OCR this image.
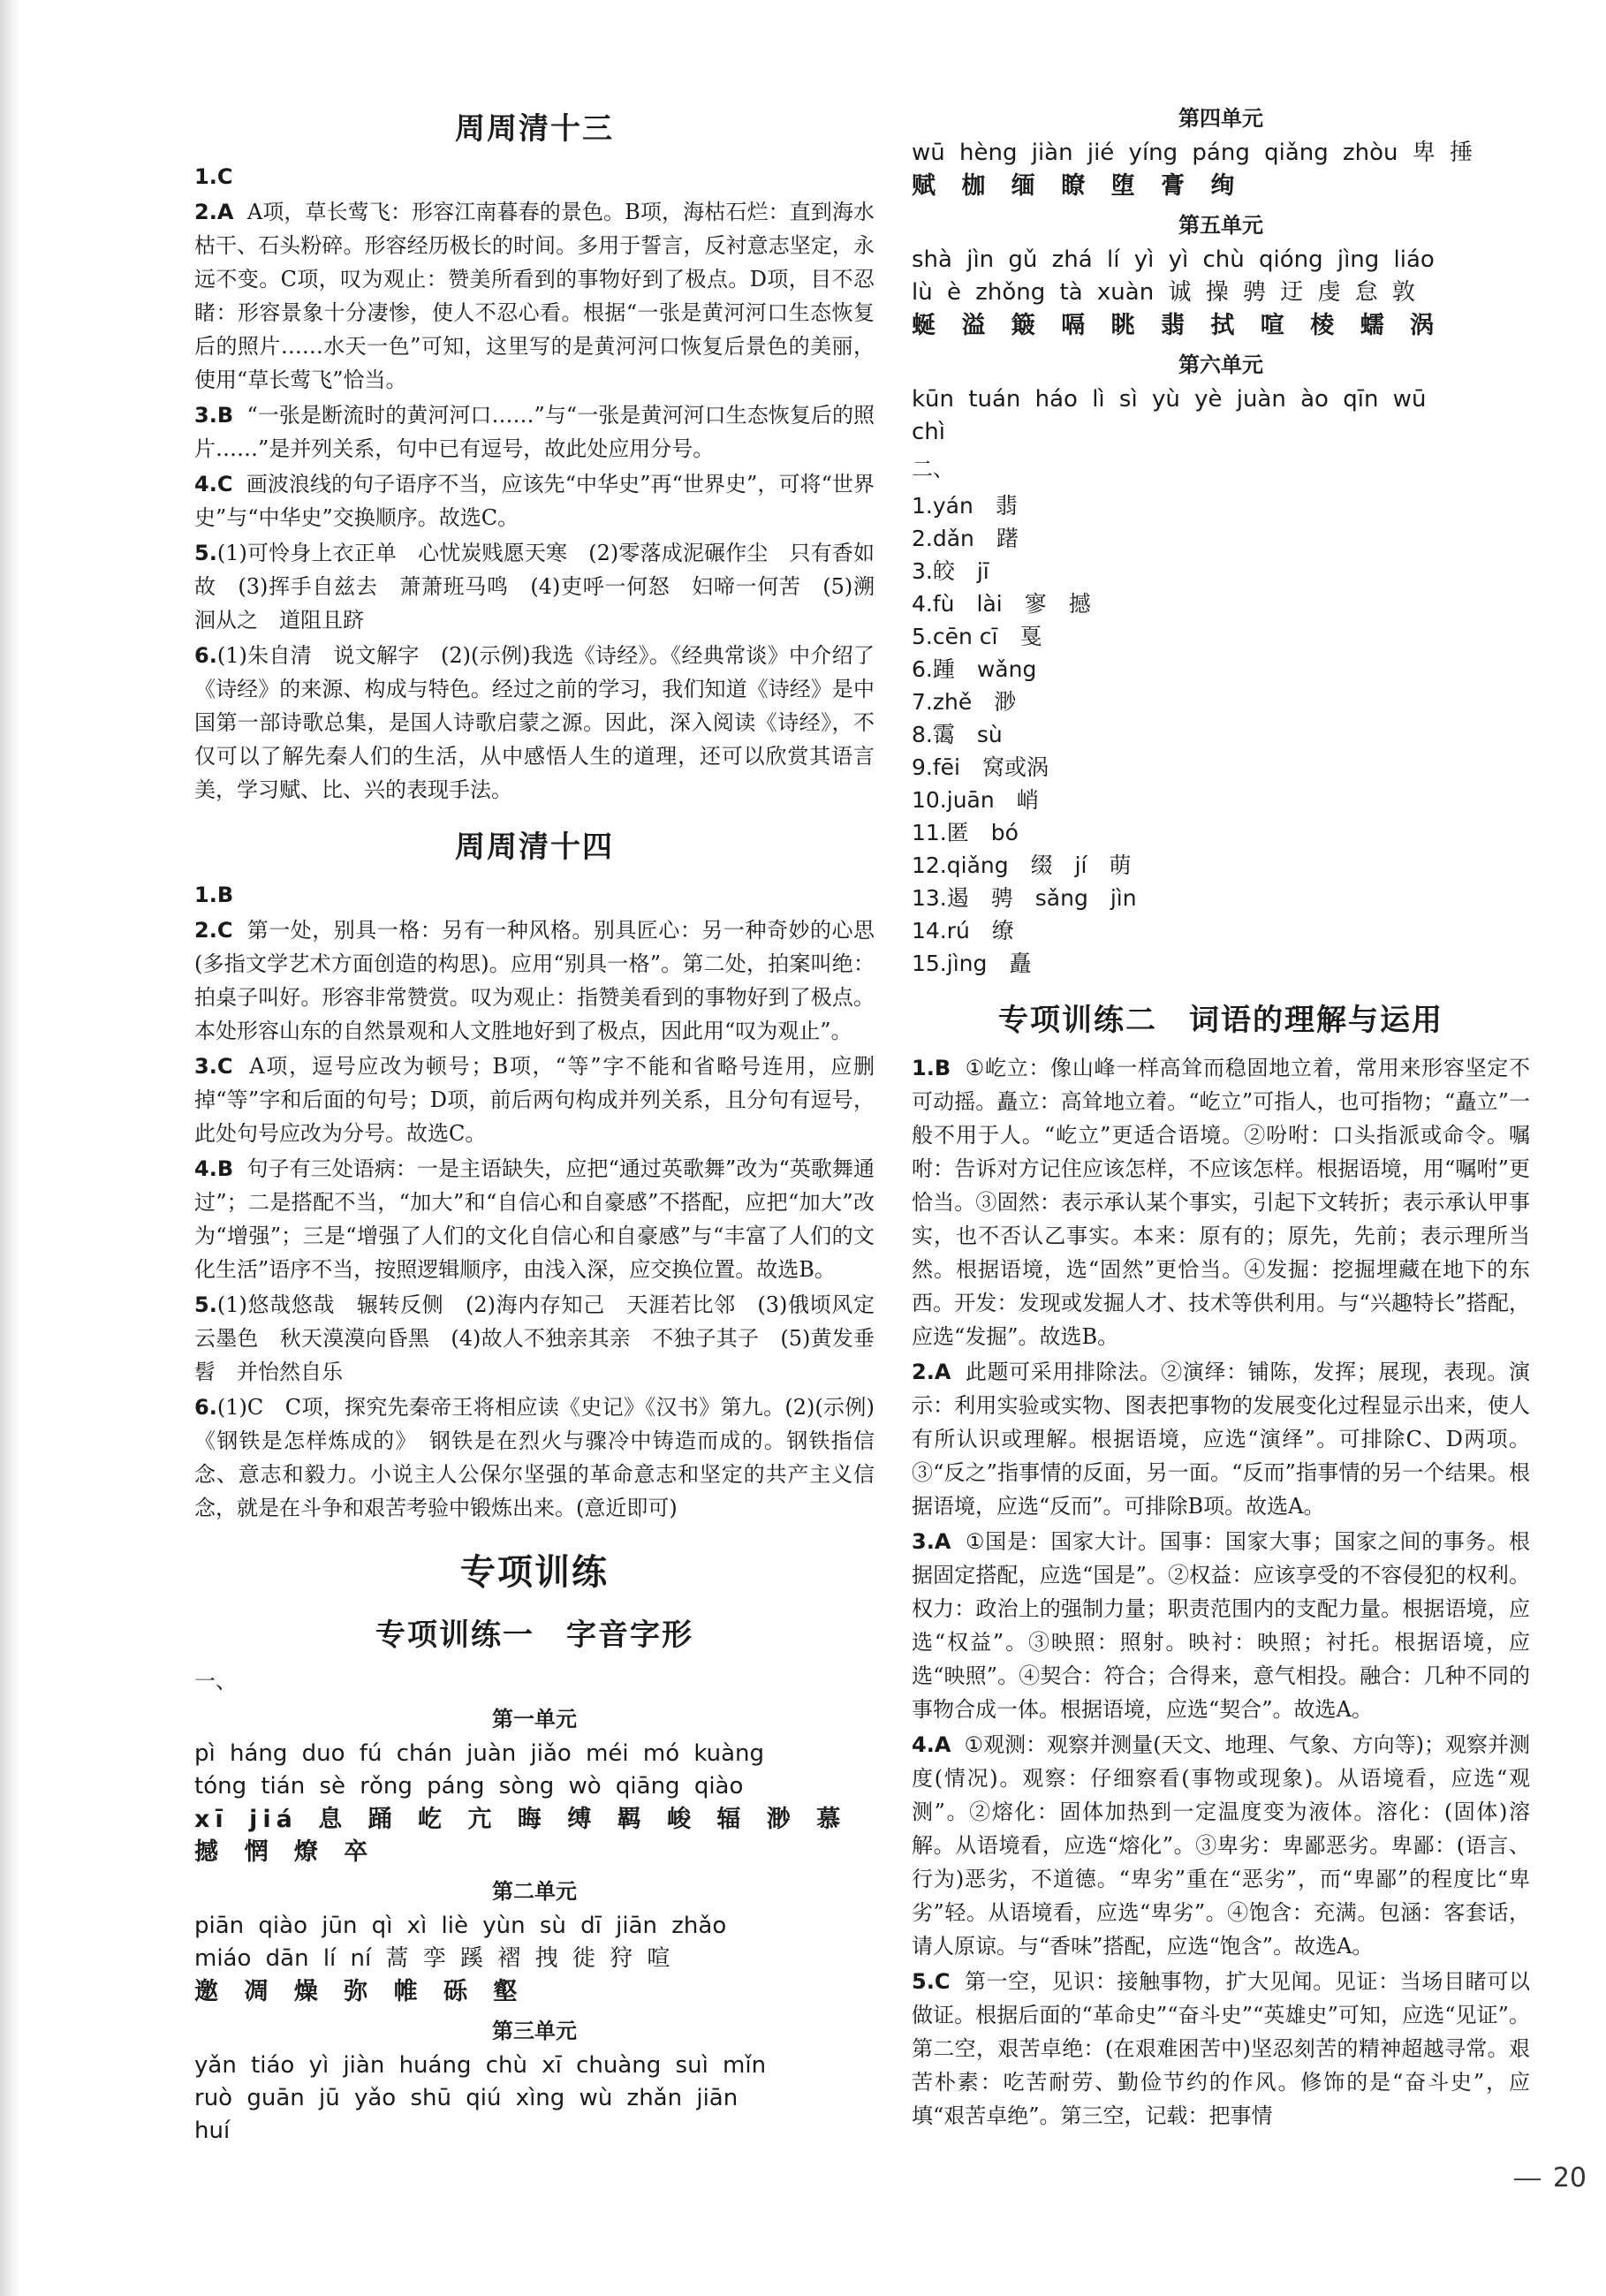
周周清十三
1.C
2.A A项，草长莺飞：形容江南暮春的景色。B项，海枯石烂：直到海水枯干、石头粉碎。形容经历极长的时间。多用于誓言，反衬意志坚定，永远不变。C项，叹为观止：赞美所看到的事物好到了极点。D项，目不忍睹：形容景象十分凄惨，使人不忍心看。根据“一张是黄河河口生态恢复后的照片……水天一色”可知，这里写的是黄河河口恢复后景色的美丽，使用“草长莺飞”恰当。
3.B “一张是断流时的黄河河口……”与“一张是黄河河口生态恢复后的照片……”是并列关系，句中已有逗号，故此处应用分号。
4.C 画波浪线的句子语序不当，应该先“中华史”再“世界史”，可将“世界史”与“中华史”交换顺序。故选C。
5.(1)可怜身上衣正单　心忧炭贱愿天寒　(2)零落成泥碾作尘　只有香如故　(3)挥手自兹去　萧萧班马鸣　(4)吏呼一何怒　妇啼一何苦　(5)溯洄从之　道阻且跻
6.(1)朱自清　说文解字　(2)(示例)我选《诗经》。《经典常谈》中介绍了《诗经》的来源、构成与特色。经过之前的学习，我们知道《诗经》是中国第一部诗歌总集，是国人诗歌启蒙之源。因此，深入阅读《诗经》，不仅可以了解先秦人们的生活，从中感悟人生的道理，还可以欣赏其语言美，学习赋、比、兴的表现手法。
周周清十四
1.B
2.C 第一处，别具一格：另有一种风格。别具匠心：另一种奇妙的心思(多指文学艺术方面创造的构思)。应用“别具一格”。第二处，拍案叫绝：拍桌子叫好。形容非常赞赏。叹为观止：指赞美看到的事物好到了极点。本处形容山东的自然景观和人文胜地好到了极点，因此用“叹为观止”。
3.C A项，逗号应改为顿号；B项，“等”字不能和省略号连用，应删掉“等”字和后面的句号；D项，前后两句构成并列关系，且分句有逗号，此处句号应改为分号。故选C。
4.B 句子有三处语病：一是主语缺失，应把“通过英歌舞”改为“英歌舞通过”；二是搭配不当，“加大”和“自信心和自豪感”不搭配，应把“加大”改为“增强”；三是“增强了人们的文化自信心和自豪感”与“丰富了人们的文化生活”语序不当，按照逻辑顺序，由浅入深，应交换位置。故选B。
5.(1)悠哉悠哉　辗转反侧　(2)海内存知己　天涯若比邻　(3)俄顷风定云墨色　秋天漠漠向昏黑　(4)故人不独亲其亲　不独子其子　(5)黄发垂髫　并怡然自乐
6.(1)C　C项，探究先秦帝王将相应读《史记》《汉书》第九。(2)(示例)《钢铁是怎样炼成的》　钢铁是在烈火与骤冷中铸造而成的。钢铁指信念、意志和毅力。小说主人公保尔坚强的革命意志和坚定的共产主义信念，就是在斗争和艰苦考验中锻炼出来。(意近即可)
专项训练
专项训练一　字音字形
一、
第一单元
pì háng duo fú chán juàn jiǎo méi mó kuàng
tóng tián sè rǒng páng sòng wò qiāng qiào
xī jiá 息 踊 屹 亢 晦 缚 羁 峻 辐 渺 慕
撼 惘 燎 卒
第二单元
piān qiào jūn qì xì liè yùn sù dī jiān zhǎo
miáo dān lí ní 蒿 孪 蹊 褶 拽 徙 狩 喧
邀 凋 燥 弥 帷 砾 壑
第三单元
yǎn tiáo yì jiàn huáng chù xī chuàng suì mǐn
ruò guān jū yǎo shū qiú xìng wù zhǎn jiān
huí
第四单元
wū hèng jiàn jié yíng páng qiǎng zhòu 卑 捶
赋 枷 缅 瞭 堕 膏 绚
第五单元
shà jìn gǔ zhá lí yì yì chù qióng jìng liáo
lù è zhǒng tà xuàn 诚 操 骋 迂 虔 怠 敦
蜒 溢 簸 嗝 眺 翡 拭 喧 棱 蠕 涡
第六单元
kūn tuán háo lì sì yù yè juàn ào qīn wū
chì
二、
1.yán　翡
2.dǎn　躇
3.皎　jī
4.fù　lài　寥　撼
5.cēn cī　戛
6.踵　wǎng
7.zhě　渺
8.霭　sù
9.fēi　窝或涡
10.juān　峭
11.匿　bó
12.qiǎng　缀　jí　萌
13.遏　骋　sǎng　jìn
14.rú　缭
15.jìng　矗
专项训练二　词语的理解与运用
1.B ①屹立：像山峰一样高耸而稳固地立着，常用来形容坚定不可动摇。矗立：高耸地立着。“屹立”可指人，也可指物；“矗立”一般不用于人。“屹立”更适合语境。②吩咐：口头指派或命令。嘱咐：告诉对方记住应该怎样，不应该怎样。根据语境，用“嘱咐”更恰当。③固然：表示承认某个事实，引起下文转折；表示承认甲事实，也不否认乙事实。本来：原有的；原先，先前；表示理所当然。根据语境，选“固然”更恰当。④发掘：挖掘埋藏在地下的东西。开发：发现或发掘人才、技术等供利用。与“兴趣特长”搭配，应选“发掘”。故选B。
2.A 此题可采用排除法。②演绎：铺陈，发挥；展现，表现。演示：利用实验或实物、图表把事物的发展变化过程显示出来，使人有所认识或理解。根据语境，应选“演绎”。可排除C、D两项。③“反之”指事情的反面，另一面。“反而”指事情的另一个结果。根据语境，应选“反而”。可排除B项。故选A。
3.A ①国是：国家大计。国事：国家大事；国家之间的事务。根据固定搭配，应选“国是”。②权益：应该享受的不容侵犯的权利。权力：政治上的强制力量；职责范围内的支配力量。根据语境，应选“权益”。③映照：照射。映衬：映照；衬托。根据语境，应选“映照”。④契合：符合；合得来，意气相投。融合：几种不同的事物合成一体。根据语境，应选“契合”。故选A。
4.A ①观测：观察并测量(天文、地理、气象、方向等)；观察并测度(情况)。观察：仔细察看(事物或现象)。从语境看，应选“观测”。②熔化：固体加热到一定温度变为液体。溶化：(固体)溶解。从语境看，应选“熔化”。③卑劣：卑鄙恶劣。卑鄙：(语言、行为)恶劣，不道德。“卑劣”重在“恶劣”，而“卑鄙”的程度比“卑劣”轻。从语境看，应选“卑劣”。④饱含：充满。包涵：客套话，请人原谅。与“香味”搭配，应选“饱含”。故选A。
5.C 第一空，见识：接触事物，扩大见闻。见证：当场目睹可以做证。根据后面的“革命史”“奋斗史”“英雄史”可知，应选“见证”。第二空，艰苦卓绝：(在艰难困苦中)坚忍刻苦的精神超越寻常。艰苦朴素：吃苦耐劳、勤俭节约的作风。修饰的是“奋斗史”，应填“艰苦卓绝”。第三空，记载：把事情
20
